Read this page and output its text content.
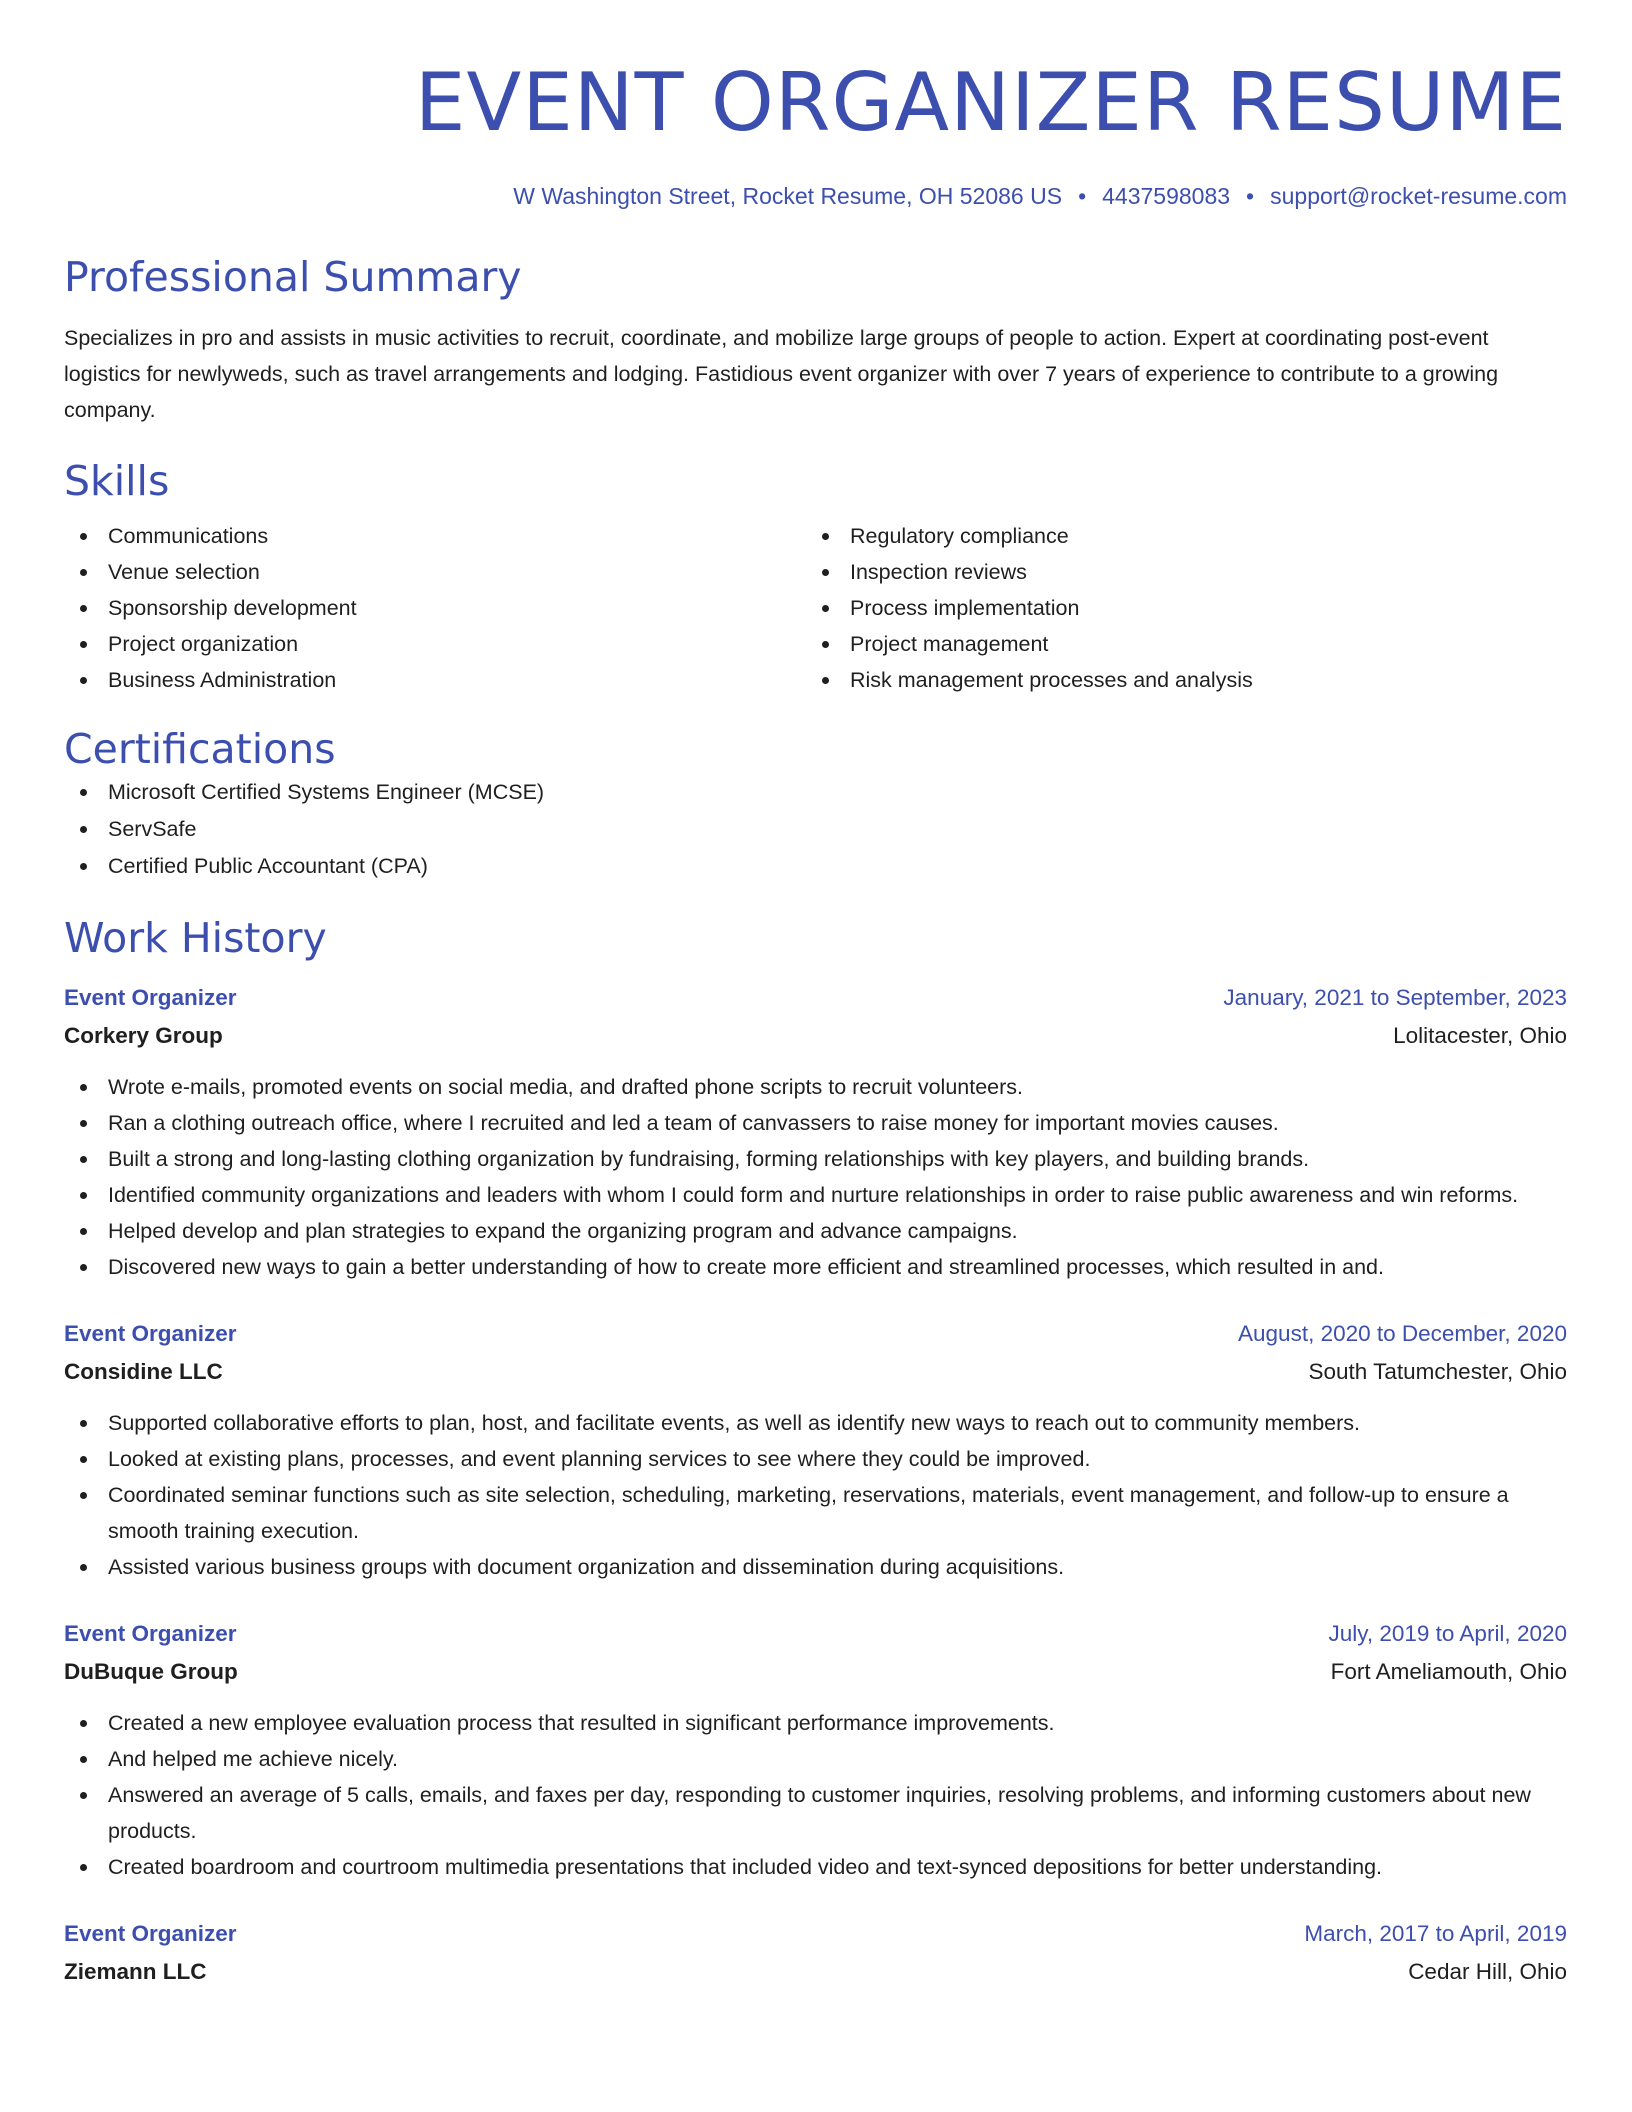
EVENT ORGANIZER RESUME
W Washington Street, Rocket Resume, OH 52086 US • 4437598083 • support@rocket-resume.com
Professional Summary

Specializes in pro and assists in music activities to recruit, coordinate, and mobilize large groups of people to action. Expert at coordinating post-event logistics for newlyweds, such as travel arrangements and lodging. Fastidious event organizer with over 7 years of experience to contribute to a growing company.

Skills
Communications
Venue selection
Sponsorship development
Project organization
Business Administration
Regulatory compliance
Inspection reviews
Process implementation
Project management
Risk management processes and analysis
Certifications
Microsoft Certified Systems Engineer (MCSE)
ServSafe
Certified Public Accountant (CPA)
Work History
Event Organizer	January, 2021 to September, 2023
Corkery Group	Lolitacester, Ohio
Wrote e-mails, promoted events on social media, and drafted phone scripts to recruit volunteers.
Ran a clothing outreach office, where I recruited and led a team of canvassers to raise money for important movies causes.
Built a strong and long-lasting clothing organization by fundraising, forming relationships with key players, and building brands.
Identified community organizations and leaders with whom I could form and nurture relationships in order to raise public awareness and win reforms.
Helped develop and plan strategies to expand the organizing program and advance campaigns.
Discovered new ways to gain a better understanding of how to create more efficient and streamlined processes, which resulted in and.
Event Organizer	August, 2020 to December, 2020
Considine LLC	South Tatumchester, Ohio
Supported collaborative efforts to plan, host, and facilitate events, as well as identify new ways to reach out to community members.
Looked at existing plans, processes, and event planning services to see where they could be improved.
Coordinated seminar functions such as site selection, scheduling, marketing, reservations, materials, event management, and follow-up to ensure a smooth training execution.
Assisted various business groups with document organization and dissemination during acquisitions.
Event Organizer	July, 2019 to April, 2020
DuBuque Group	Fort Ameliamouth, Ohio
Created a new employee evaluation process that resulted in significant performance improvements.
And helped me achieve nicely.
Answered an average of 5 calls, emails, and faxes per day, responding to customer inquiries, resolving problems, and informing customers about new products.
Created boardroom and courtroom multimedia presentations that included video and text-synced depositions for better understanding.
Event Organizer	March, 2017 to April, 2019
Ziemann LLC	Cedar Hill, Ohio
